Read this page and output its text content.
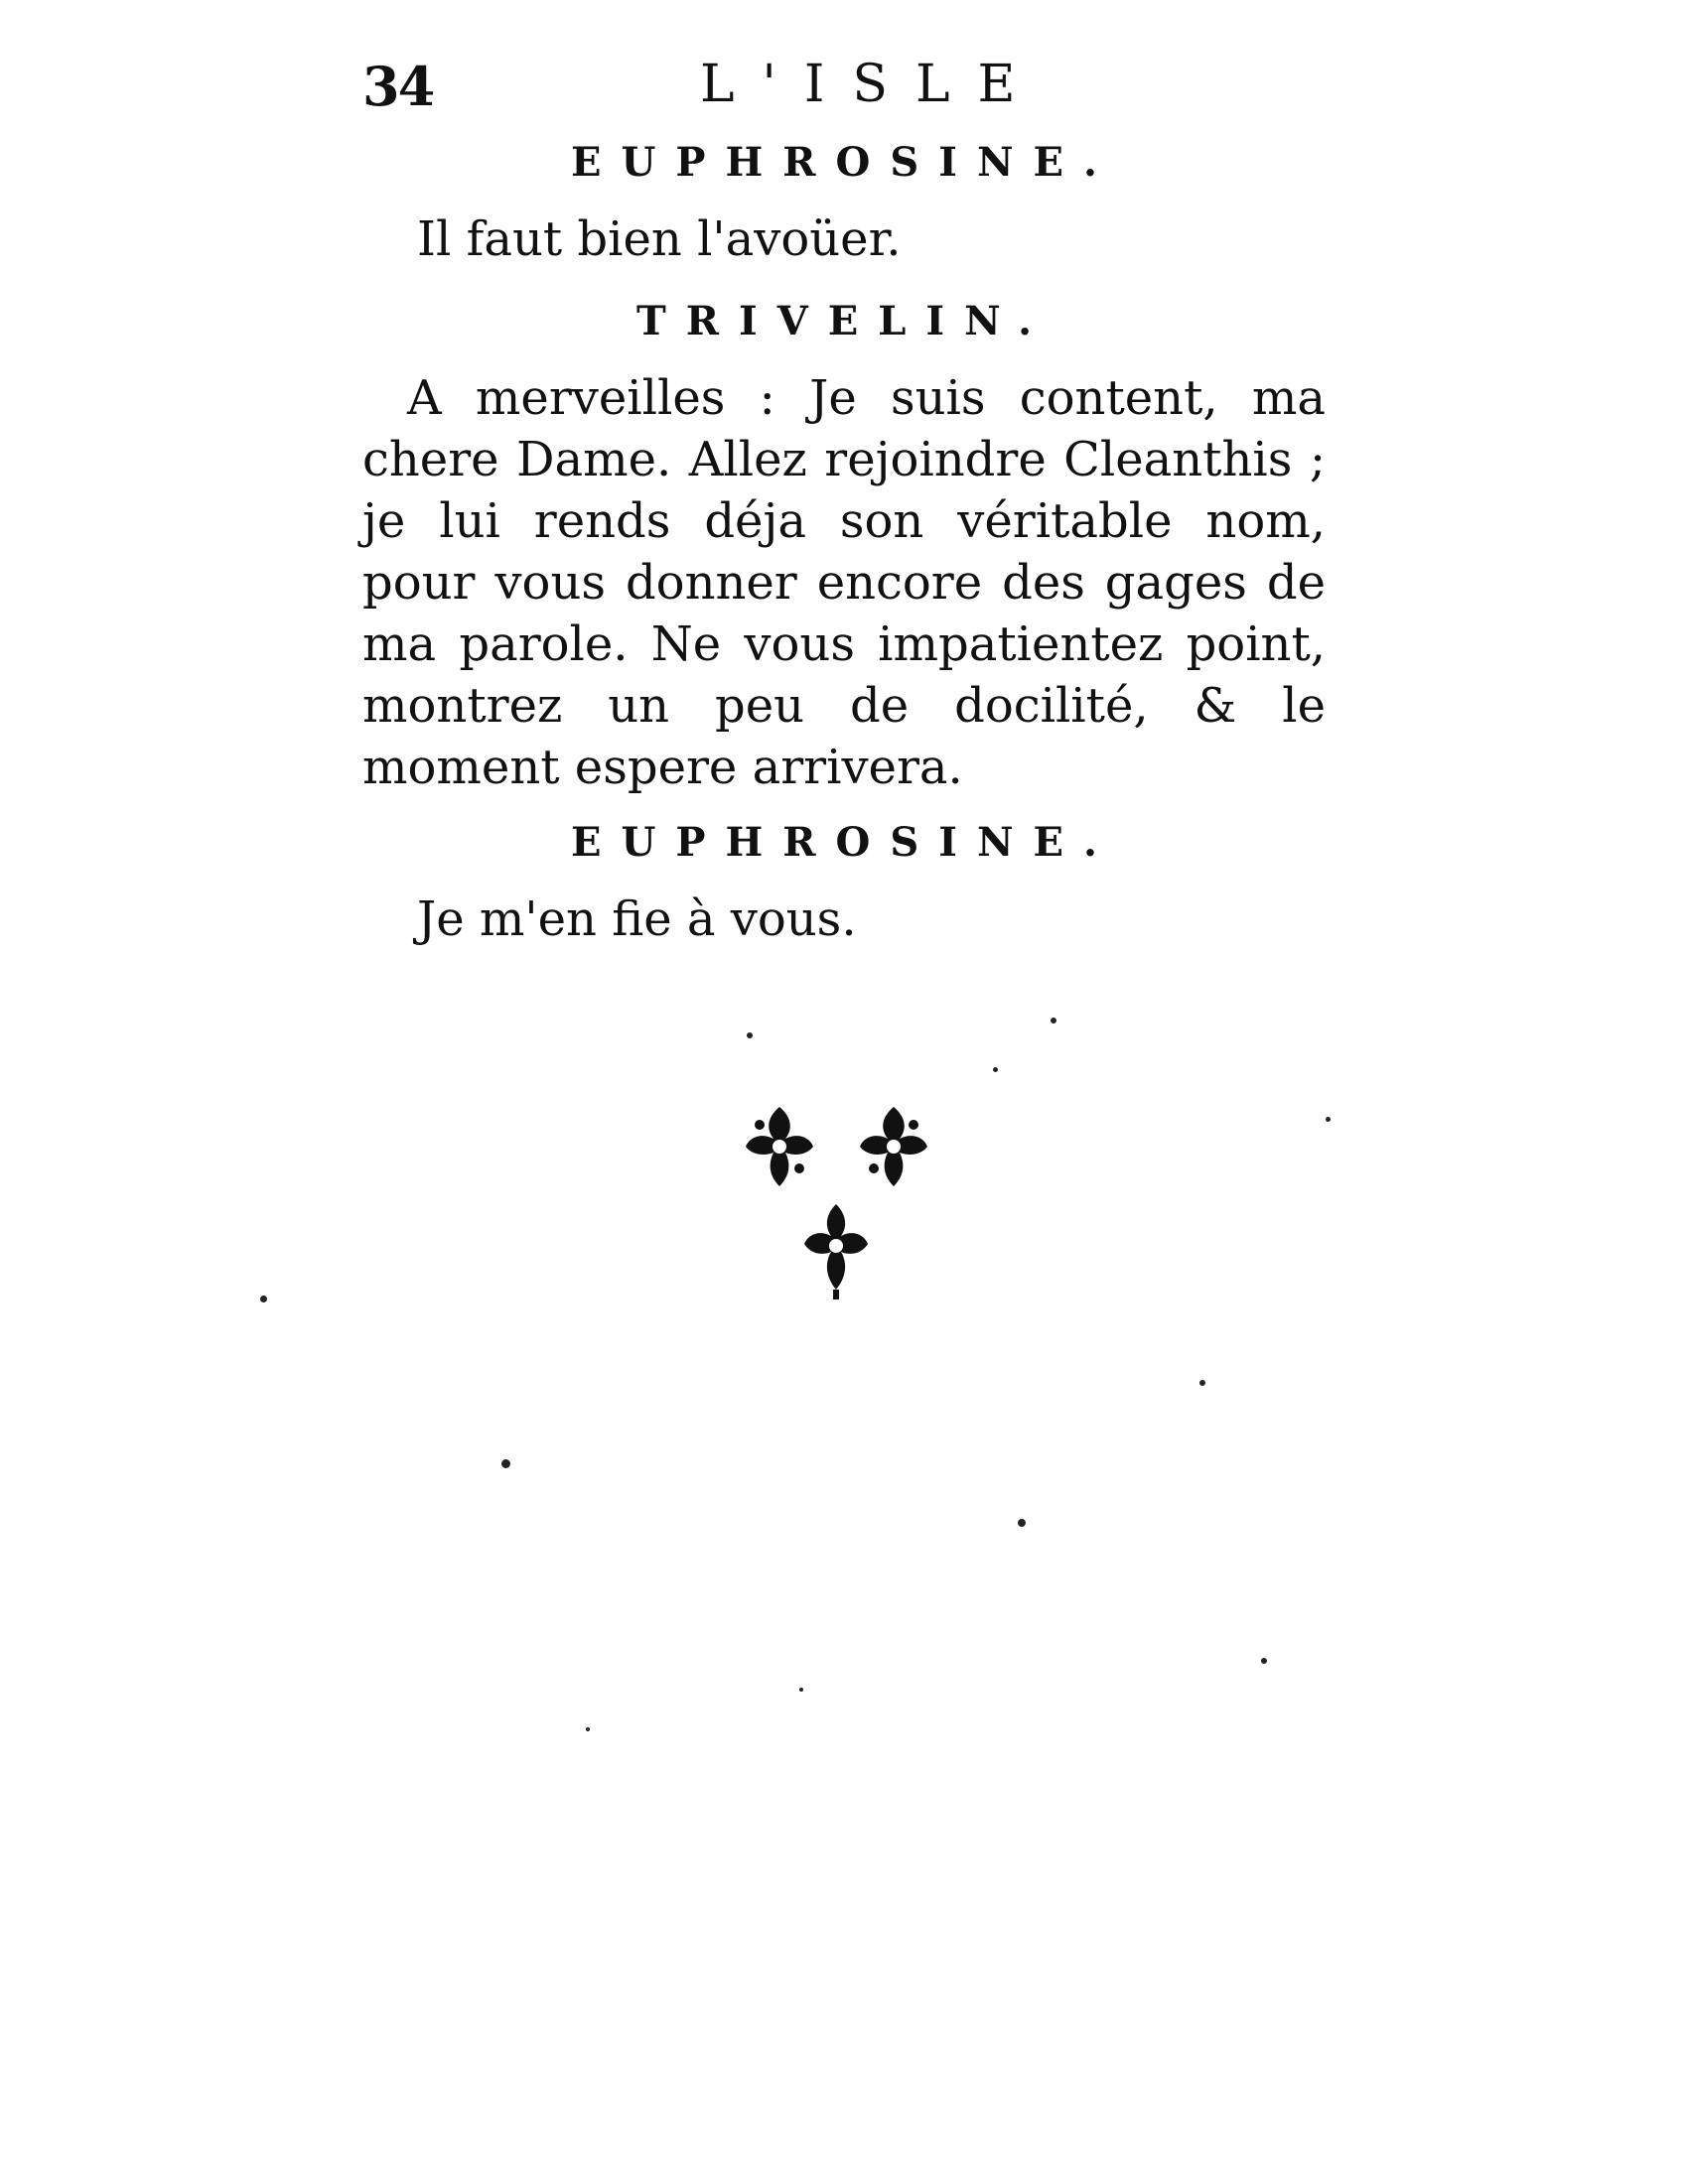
34	L'ISLE
EUPHROSINE.
Il faut bien l'avoüer.
TRIVELIN.
A merveilles : Je suis content, ma chere Dame. Allez rejoindre Cleanthis ; je lui rends déja son véritable nom, pour vous donner encore des gages de ma parole. Ne vous impatientez point, montrez un peu de docilité, & le moment espere arrivera.
EUPHROSINE.
Je m'en fie à vous.
